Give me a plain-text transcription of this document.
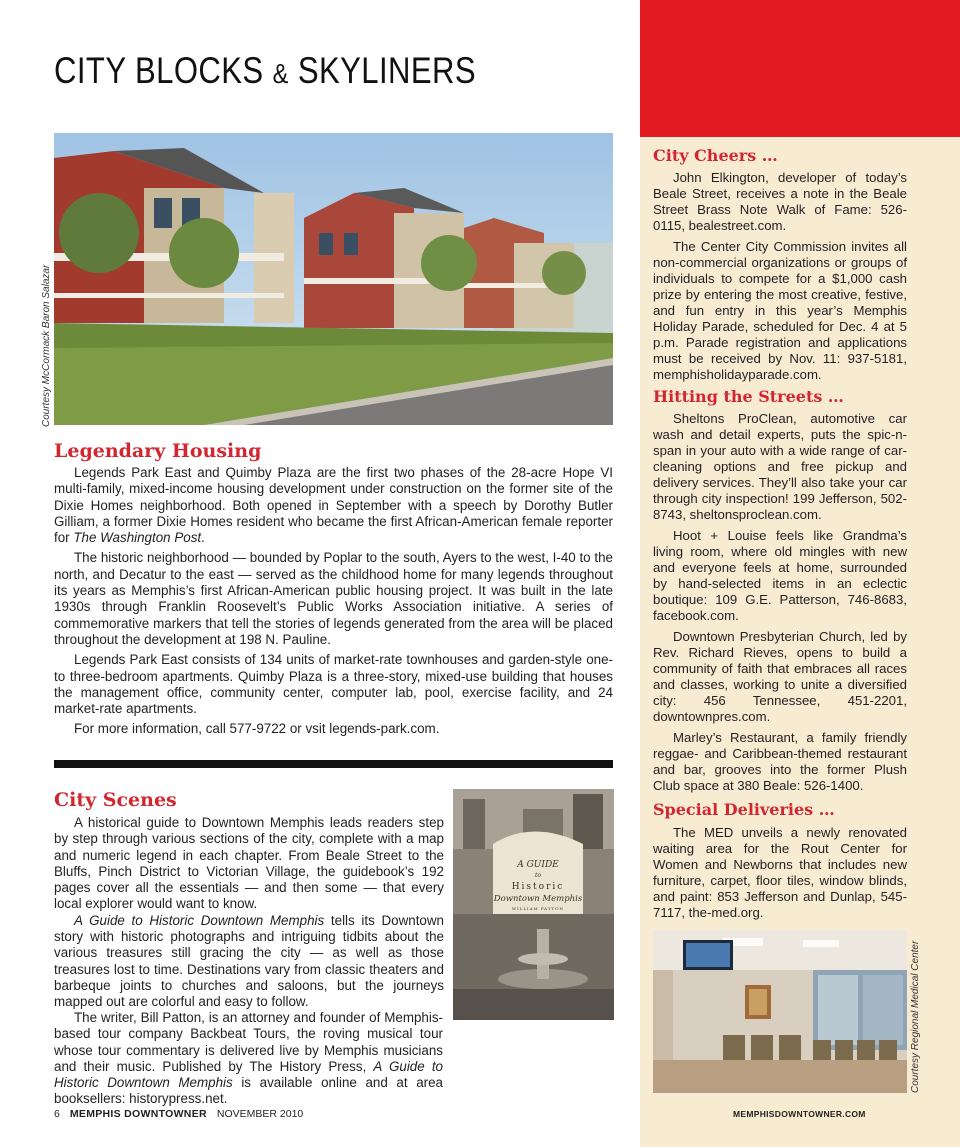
CITY BLOCKS & SKYLINERS
Courtesy McCormack Baron Salazar
Legendary Housing

Legends Park East and Quimby Plaza are the first two phases of the 28-acre Hope VI multi-family, mixed-income housing development under construction on the former site of the Dixie Homes neighborhood. Both opened in September with a speech by Dorothy Butler Gilliam, a former Dixie Homes resident who became the first African-American female reporter for The Washington Post.

The historic neighborhood — bounded by Poplar to the south, Ayers to the west, I-40 to the north, and Decatur to the east — served as the childhood home for many legends throughout its years as Memphis’s first African-American public housing project. It was built in the late 1930s through Franklin Roosevelt’s Public Works Association initiative. A series of commemorative markers that tell the stories of legends generated from the area will be placed throughout the development at 198 N. Pauline.

Legends Park East consists of 134 units of market-rate townhouses and garden-style one- to three-bedroom apartments. Quimby Plaza is a three-story, mixed-use building that houses the management office, community center, computer lab, pool, exercise facility, and 24 market-rate apartments.

For more information, call 577-9722 or vsit legends-park.com.

City Scenes

A historical guide to Downtown Memphis leads readers step by step through various sections of the city, complete with a map and numeric legend in each chapter. From Beale Street to the Bluffs, Pinch District to Victorian Village, the guidebook’s 192 pages cover all the essentials — and then some — that every local explorer would want to know.

A Guide to Historic Downtown Memphis tells its Downtown story with historic photographs and intriguing tidbits about the various treasures still gracing the city — as well as those treasures lost to time. Destinations vary from classic theaters and barbeque joints to churches and saloons, but the journeys mapped out are colorful and easy to follow.

The writer, Bill Patton, is an attorney and founder of Memphis-based tour company Backbeat Tours, the roving musical tour whose tour commentary is delivered live by Memphis musicians and their music. Published by The History Press, A Guide to Historic Downtown Memphis is available online and at area booksellers: historypress.net.

A GUIDE
to
Historic
Downtown Memphis
WILLIAM PATTON
City Cheers …

John Elkington, developer of today’s Beale Street, receives a note in the Beale Street Brass Note Walk of Fame: 526-0115, bealestreet.com.

The Center City Commission invites all non-commercial organizations or groups of individuals to compete for a $1,000 cash prize by entering the most creative, festive, and fun entry in this year’s Memphis Holiday Parade, scheduled for Dec. 4 at 5 p.m. Parade registration and applications must be received by Nov. 11: 937-5181, memphisholidayparade.com.

Hitting the Streets …

Sheltons ProClean, automotive car wash and detail experts, puts the spic-n-span in your auto with a wide range of car-cleaning options and free pickup and delivery services. They’ll also take your car through city inspection! 199 Jefferson, 502-8743, sheltonsproclean.com.

Hoot + Louise feels like Grandma’s living room, where old mingles with new and everyone feels at home, surrounded by hand-selected items in an eclectic boutique: 109 G.E. Patterson, 746-8683, facebook.com.

Downtown Presbyterian Church, led by Rev. Richard Rieves, opens to build a community of faith that embraces all races and classes, working to unite a diversified city: 456 Tennessee, 451-2201, downtownpres.com.

Marley’s Restaurant, a family friendly reggae- and Caribbean-themed restaurant and bar, grooves into the former Plush Club space at 380 Beale: 526-1400.

Special Deliveries …

The MED unveils a newly renovated waiting area for the Rout Center for Women and Newborns that includes new furniture, carpet, floor tiles, window blinds, and paint: 853 Jefferson and Dunlap, 545-7117, the-med.org.

Courtesy Regional Medical Center
6 MEMPHIS DOWNTOWNER NOVEMBER 2010	MEMPHISDOWNTOWNER.COM
